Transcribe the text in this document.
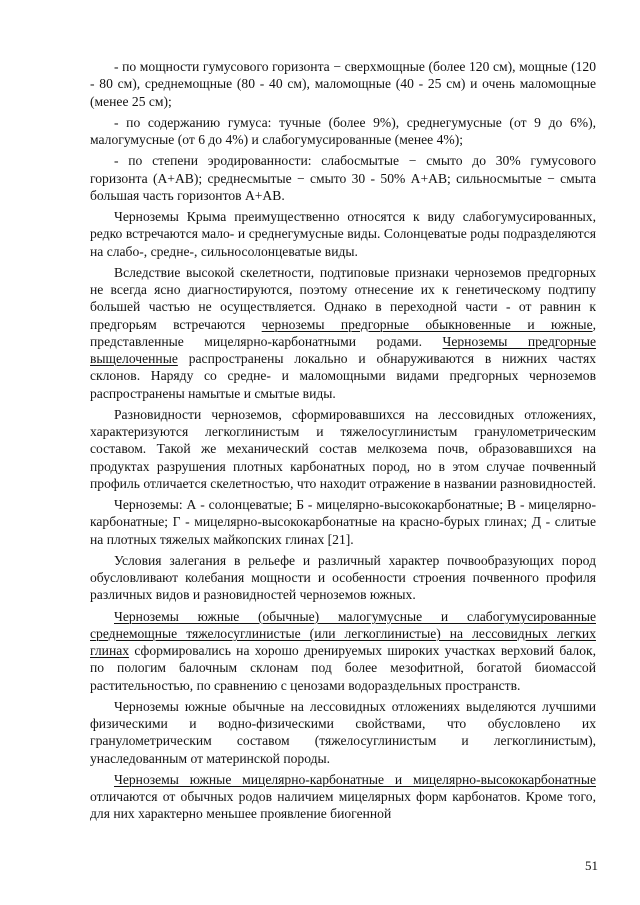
- по мощности гумусового горизонта − сверхмощные (более 120 см), мощные (120 - 80 см), среднемощные (80 - 40 см), маломощные (40 - 25 см) и очень маломощные (менее 25 см);

- по содержанию гумуса: тучные (более 9%), среднегумусные (от 9 до 6%), малогумусные (от 6 до 4%) и слабогумусированные (менее 4%);

- по степени эродированности: слабосмытые − смыто до 30% гумусового горизонта (А+АВ); среднесмытые − смыто 30 - 50% А+АВ; сильносмытые − смыта большая часть горизонтов А+АВ.

Черноземы Крыма преимущественно относятся к виду слабогумусированных, редко встречаются мало- и среднегумусные виды. Солонцеватые роды подразделяются на слабо-, средне-, сильносолонцеватые виды.

Вследствие высокой скелетности, подтиповые признаки черноземов предгорных не всегда ясно диагностируются, поэтому отнесение их к генетическому подтипу большей частью не осуществляется. Однако в переходной части - от равнин к предгорьям встречаются черноземы предгорные обыкновенные и южные, представленные мицелярно-карбонатными родами. Черноземы предгорные выщелоченные распространены локально и обнаруживаются в нижних частях склонов. Наряду со средне- и маломощными видами предгорных черноземов распространены намытые и смытые виды.

Разновидности черноземов, сформировавшихся на лессовидных отложениях, характеризуются легкоглинистым и тяжелосуглинистым гранулометрическим составом. Такой же механический состав мелкозема почв, образовавшихся на продуктах разрушения плотных карбонатных пород, но в этом случае почвенный профиль отличается скелетностью, что находит отражение в названии разновидностей.

Черноземы: А - солонцеватые; Б - мицелярно-высококарбонатные; В - мицелярно-карбонатные; Г - мицелярно-высококарбонатные на красно-бурых глинах; Д - слитые на плотных тяжелых майкопских глинах [21].

Условия залегания в рельефе и различный характер почвообразующих пород обусловливают колебания мощности и особенности строения почвенного профиля различных видов и разновидностей черноземов южных.

Черноземы южные (обычные) малогумусные и слабогумусированные среднемощные тяжелосуглинистые (или легкоглинистые) на лессовидных легких глинах сформировались на хорошо дренируемых широких участках верховий балок, по пологим балочным склонам под более мезофитной, богатой биомассой растительностью, по сравнению с ценозами водораздельных пространств.

Черноземы южные обычные на лессовидных отложениях выделяются лучшими физическими и водно-физическими свойствами, что обусловлено их гранулометрическим составом (тяжелосуглинистым и легкоглинистым), унаследованным от материнской породы.

Черноземы южные мицелярно-карбонатные и мицелярно-высококарбонатные отличаются от обычных родов наличием мицелярных форм карбонатов. Кроме того, для них характерно меньшее проявление биогенной

51
